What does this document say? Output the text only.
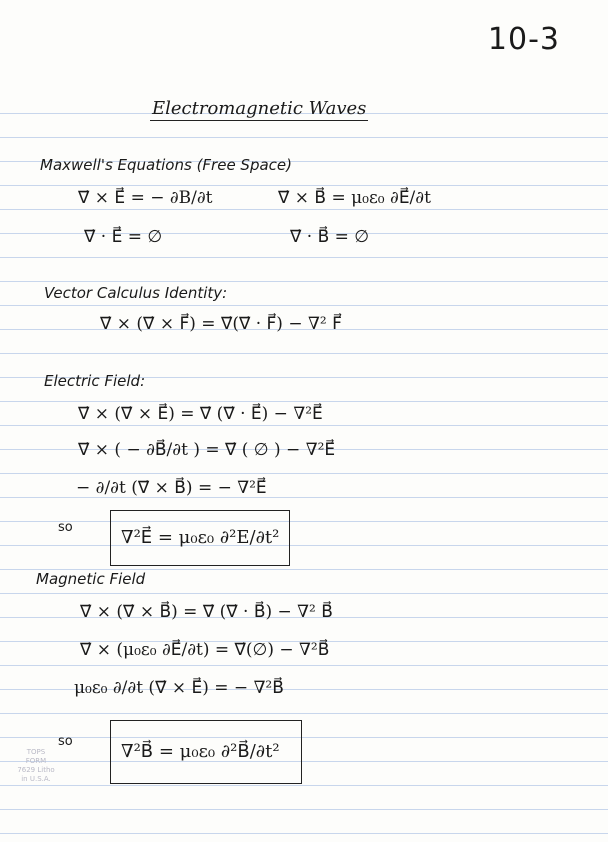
10-3
Electromagnetic Waves
Maxwell's Equations (Free Space)
∇⃗ × E⃗ = − ∂B/∂t	∇⃗ × B⃗ = μ₀ε₀ ∂E⃗/∂t
∇⃗ · E⃗ = ∅	∇⃗ · B⃗ = ∅
Vector Calculus Identity:
∇⃗ × (∇⃗ × F⃗) = ∇⃗(∇⃗ · F⃗) − ∇² F⃗
Electric Field:
∇⃗ × (∇⃗ × E⃗) = ∇⃗ (∇⃗ · E⃗) − ∇²E⃗
∇⃗ × ( − ∂B⃗/∂t ) = ∇⃗ ( ∅ ) − ∇²E⃗
− ∂/∂t (∇⃗ × B⃗) = − ∇²E⃗
so	∇²E⃗ = μ₀ε₀ ∂²E/∂t²
Magnetic Field
∇⃗ × (∇⃗ × B⃗) = ∇⃗ (∇⃗ · B⃗) − ∇² B⃗
∇⃗ × (μ₀ε₀ ∂E⃗/∂t) = ∇⃗(∅) − ∇²B⃗
μ₀ε₀ ∂/∂t (∇⃗ × E⃗) = − ∇²B⃗
so	∇²B⃗ = μ₀ε₀ ∂²B⃗/∂t²
TOPS FORM 7629 Litho in U.S.A.
